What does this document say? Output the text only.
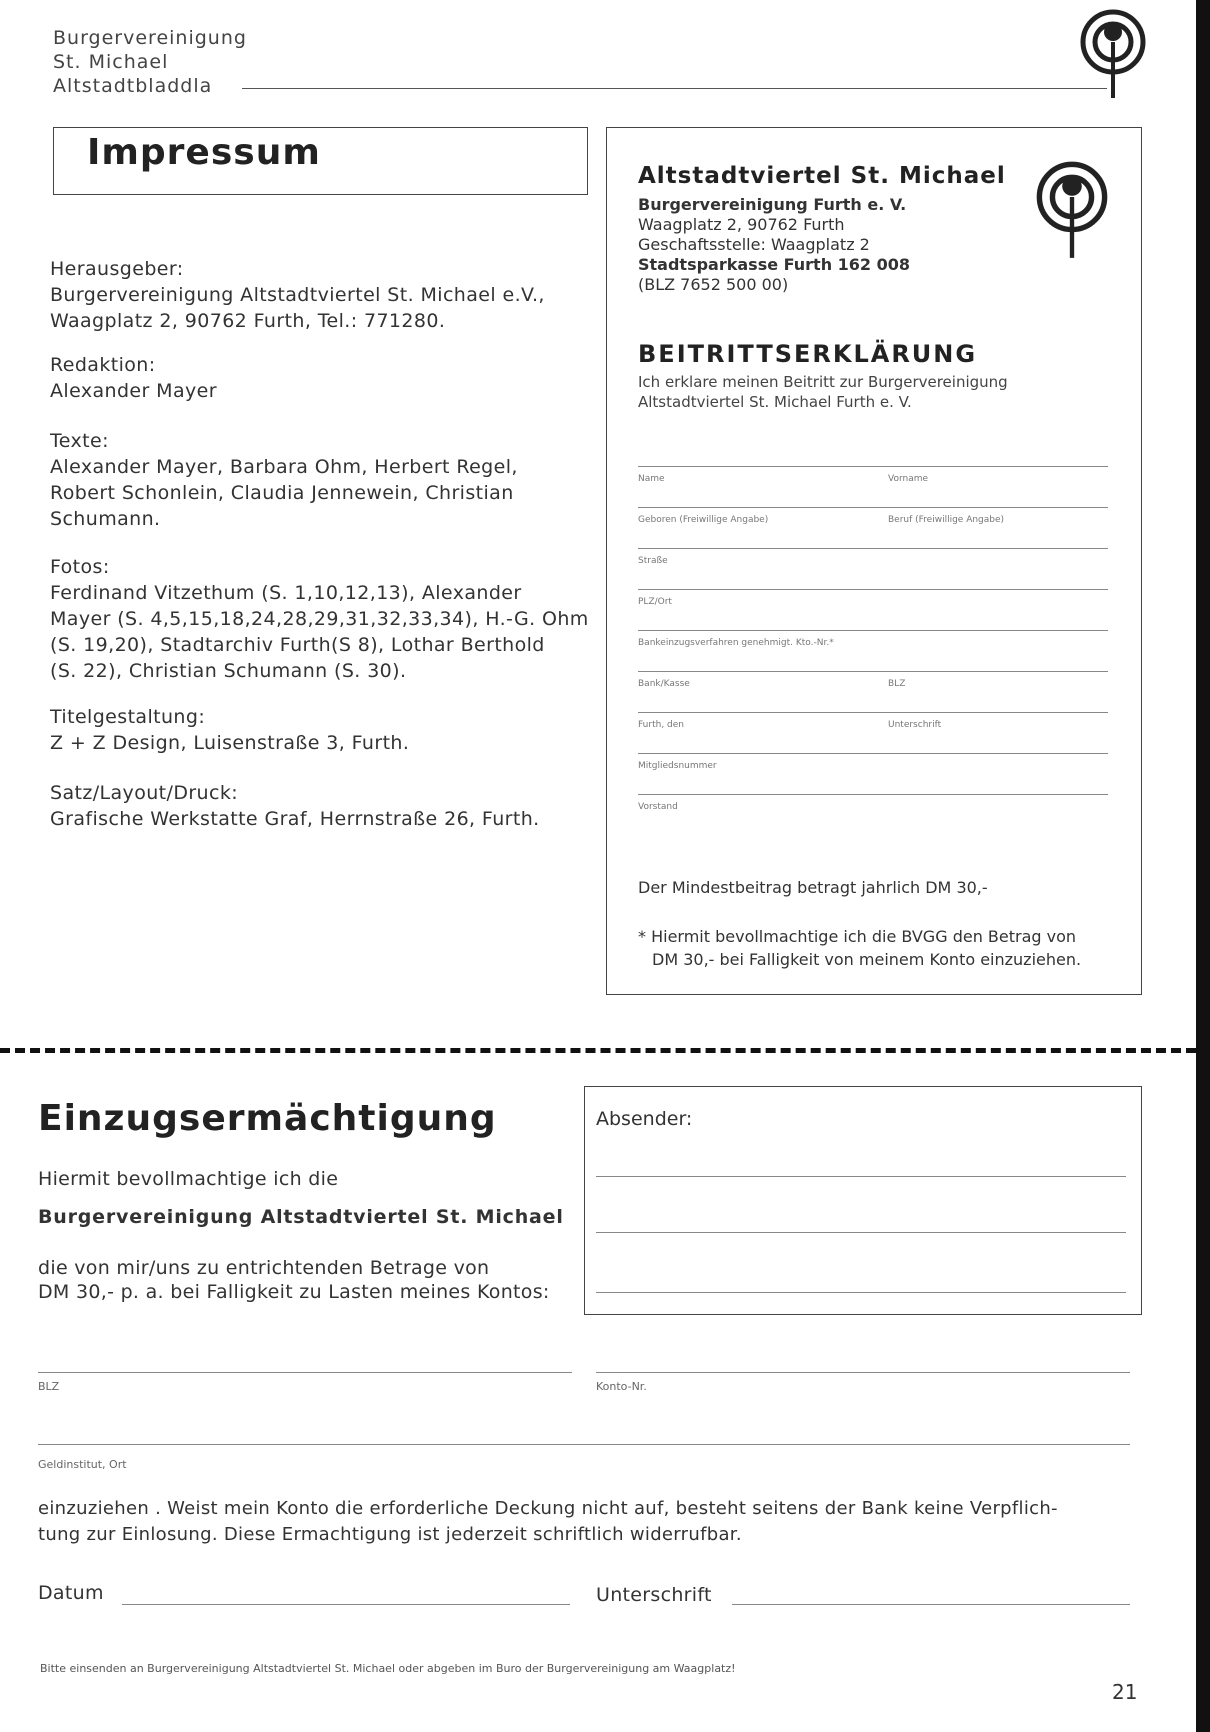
Burgervereinigung
St. Michael
Altstadtbladdla
Impressum
Herausgeber:
Burgervereinigung Altstadtviertel St. Michael e.V.,
Waagplatz 2, 90762 Furth, Tel.: 771280.
Redaktion:
Alexander Mayer
Texte:
Alexander Mayer, Barbara Ohm, Herbert Regel,
Robert Schonlein, Claudia Jennewein, Christian
Schumann.
Fotos:
Ferdinand Vitzethum (S. 1,10,12,13), Alexander
Mayer (S. 4,5,15,18,24,28,29,31,32,33,34), H.-G. Ohm
(S. 19,20), Stadtarchiv Furth(S 8), Lothar Berthold
(S. 22), Christian Schumann (S. 30).
Titelgestaltung:
Z + Z Design, Luisenstraße 3, Furth.
Satz/Layout/Druck:
Grafische Werkstatte Graf, Herrnstraße 26, Furth.
Altstadtviertel St. Michael
Burgervereinigung Furth e. V.
Waagplatz 2, 90762 Furth
Geschaftsstelle: Waagplatz 2
Stadtsparkasse Furth 162 008
(BLZ 7652 500 00)
BEITRITTSERKLÄRUNG
Ich erklare meinen Beitritt zur Burgervereinigung
Altstadtviertel St. Michael Furth e. V.
Name	Vorname
Geboren (Freiwillige Angabe)	Beruf (Freiwillige Angabe)
Straße
PLZ/Ort
Bankeinzugsverfahren genehmigt. Kto.-Nr.*
Bank/Kasse	BLZ
Furth, den	Unterschrift
Mitgliedsnummer
Vorstand
Der Mindestbeitrag betragt jahrlich DM 30,-
* Hiermit bevollmachtige ich die BVGG den Betrag von
DM 30,- bei Falligkeit von meinem Konto einzuziehen.
Einzugsermächtigung
Hiermit bevollmachtige ich die
Burgervereinigung Altstadtviertel St. Michael
die von mir/uns zu entrichtenden Betrage von
DM 30,- p. a. bei Falligkeit zu Lasten meines Kontos:
Absender:
BLZ	Konto-Nr.
Geldinstitut, Ort
einzuziehen . Weist mein Konto die erforderliche Deckung nicht auf, besteht seitens der Bank keine Verpflich-
tung zur Einlosung. Diese Ermachtigung ist jederzeit schriftlich widerrufbar.
Datum	Unterschrift
Bitte einsenden an Burgervereinigung Altstadtviertel St. Michael oder abgeben im Buro der Burgervereinigung am Waagplatz!
21
